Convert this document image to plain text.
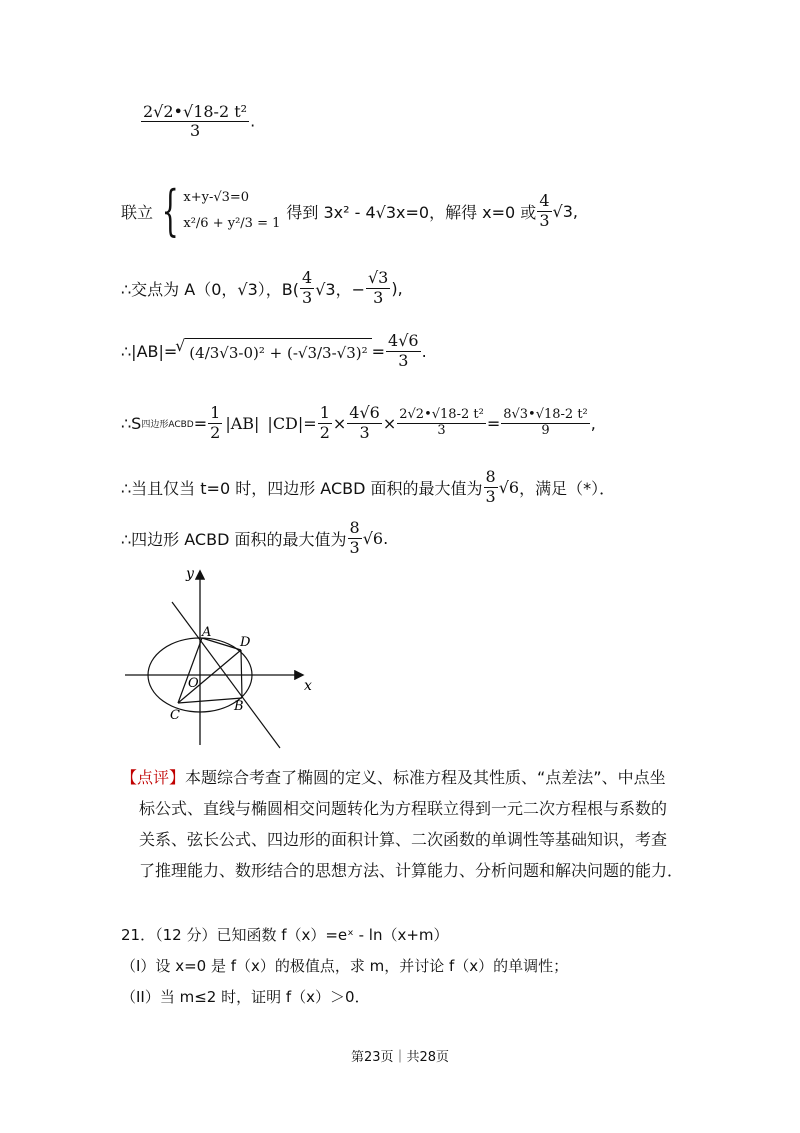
$\frac{\text{2√2•√18-2 t²}}{3}$ .
联立 { x+y-√3=0
x²/6 + y²/3 = 1
得到 3x² - 4√3x=0，解得 x=0 或 $\frac{4}{3} √3$,
∴交点为 A（0，√3），$B( \frac{4}{3} √3$，− $\frac{√3}{3}$ ),
∴|AB|=
√ $(4/3√3-0)^2 + (-√3/3-√3)^2 = \frac{4√6}{3}$ .
∴S 四边形ACBD = $\frac{1}{2} |AB|$ $|CD|= \frac{1}{2} \times \frac{4√6}{3} \times \frac{\text{2√2•√18-2 t²}}{3} = \frac{\text{8√3•√18-2 t²}}{9}$ ,
∴当且仅当 t=0 时，四边形 ACBD 面积的最大值为 $\frac{8}{3} √6$ ，满足（*）．
∴四边形 ACBD 面积的最大值为 $\frac{8}{3} √6$ .
y
x
A
D
O
C
B
【点评】本题综合考查了椭圆的定义、标准方程及其性质、“点差法”、中点坐
标公式、直线与椭圆相交问题转化为方程联立得到一元二次方程根与系数的
关系、弦长公式、四边形的面积计算、二次函数的单调性等基础知识，考查
了推理能力、数形结合的思想方法、计算能力、分析问题和解决问题的能力．
21．（12 分）已知函数 f（x）=eˣ - ln（x+m）
（I）设 x=0 是 f（x）的极值点，求 m，并讨论 f（x）的单调性；
（II）当 m≤2 时，证明 f（x）＞0．
第23页｜共28页
